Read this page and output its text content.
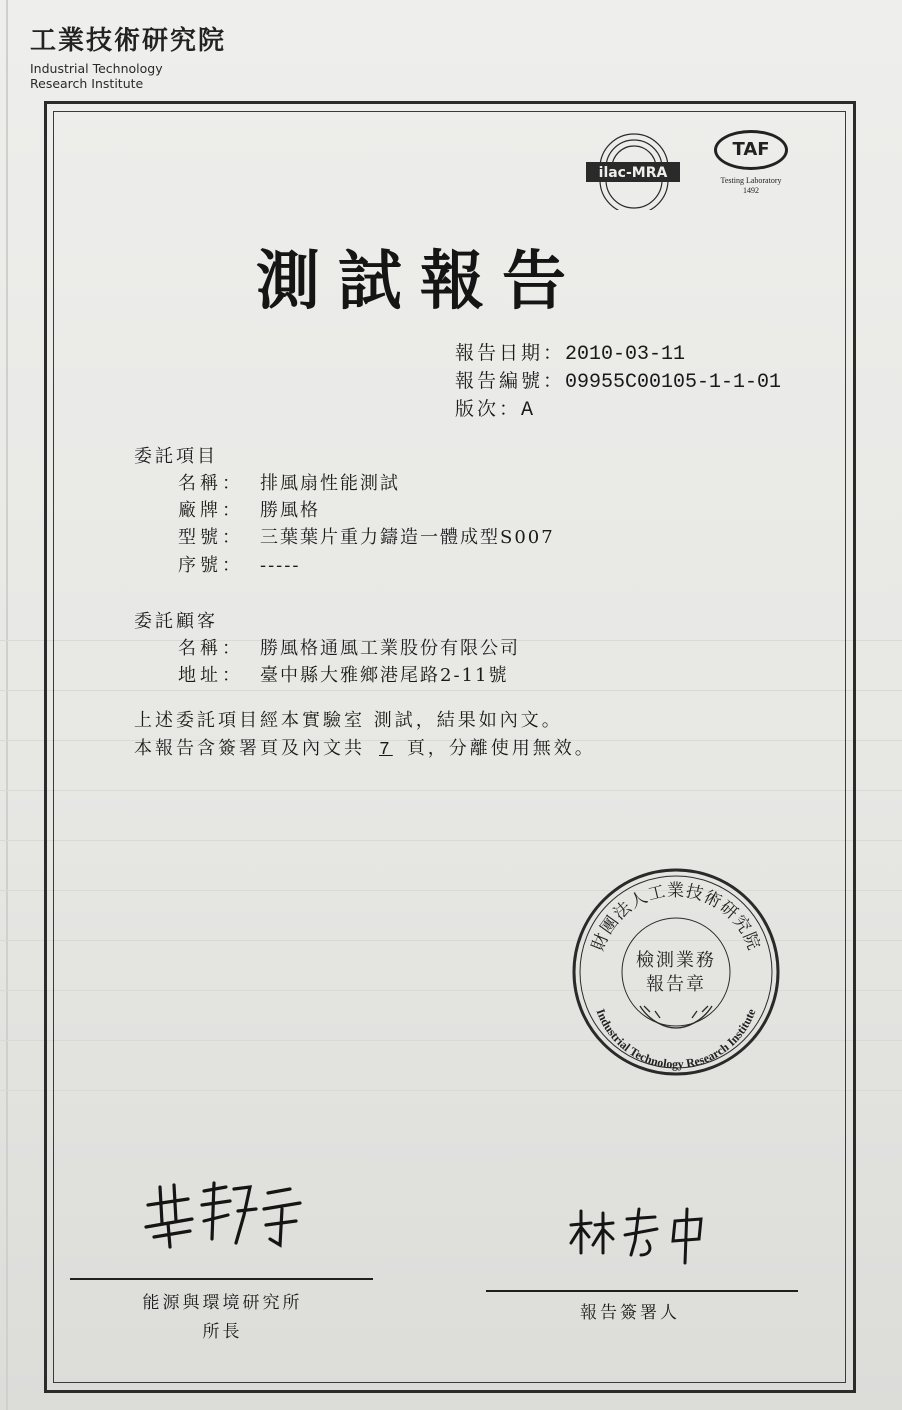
工業技術研究院
Industrial Technology
Research Institute
ilac-MRA
TAF
Testing Laboratory
1492
測試報告
報告日期：2010-03-11
報告編號：09955C00105-1-1-01
版次：A
委託項目
名稱： 排風扇性能測試
廠牌： 勝風格
型號： 三葉葉片重力鑄造一體成型S007
序號： -----
委託顧客
名稱： 勝風格通風工業股份有限公司
地址： 臺中縣大雅鄉港尾路2-11號
上述委託項目經本實驗室 測試，結果如內文。
本報告含簽署頁及內文共 7 頁，分離使用無效。
財團法人工業技術研究院
Industrial Technology Research Institute
檢測業務
報告章
董靜宇
能源與環境研究所
所長
林志中
報告簽署人
